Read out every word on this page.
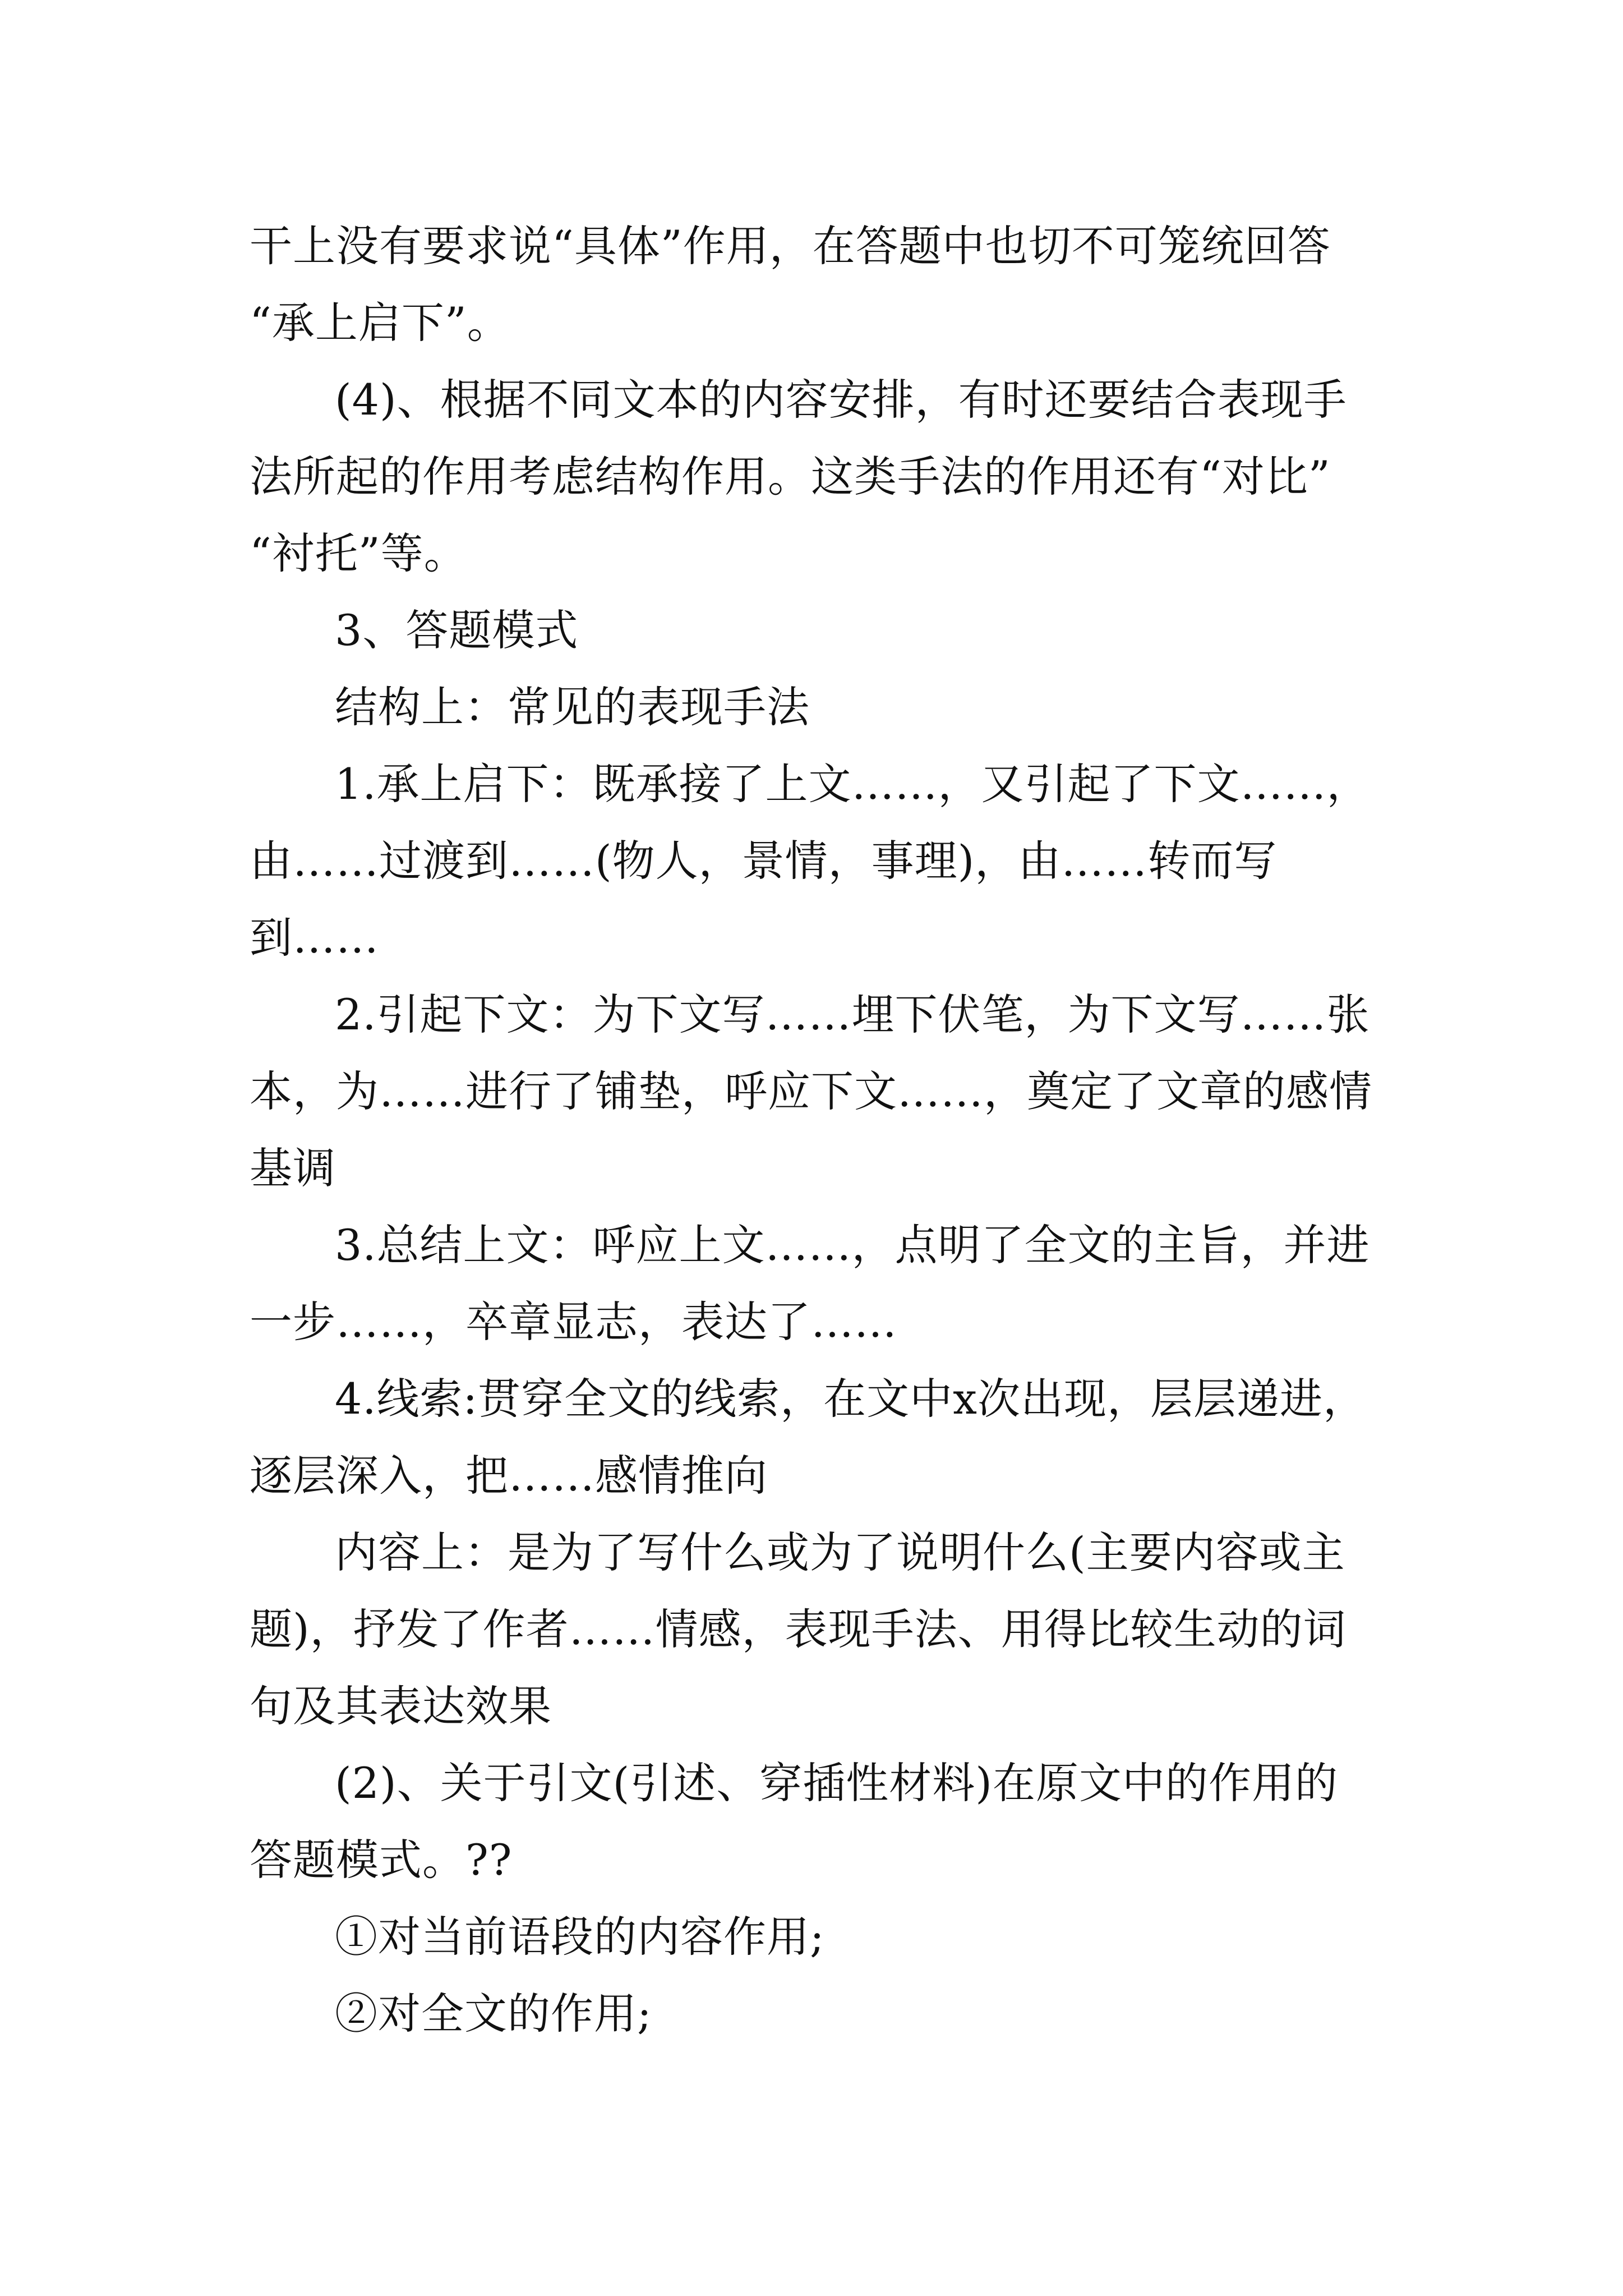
干上没有要求说“具体”作用，在答题中也切不可笼统回答
“承上启下”。

(4)、根据不同文本的内容安排，有时还要结合表现手
法所起的作用考虑结构作用。这类手法的作用还有“对比”
“衬托”等。

3、答题模式

结构上：常见的表现手法

1.承上启下：既承接了上文……，又引起了下文……，
由……过渡到……(物人，景情，事理)，由……转而写
到……

2.引起下文：为下文写……埋下伏笔，为下文写……张
本，为……进行了铺垫，呼应下文……，奠定了文章的感情
基调

3.总结上文：呼应上文……，点明了全文的主旨，并进
一步……，卒章显志，表达了……

4.线索:贯穿全文的线索，在文中x次出现，层层递进，
逐层深入，把……感情推向

内容上：是为了写什么或为了说明什么(主要内容或主
题)，抒发了作者……情感，表现手法、用得比较生动的词
句及其表达效果

(2)、关于引文(引述、穿插性材料)在原文中的作用的
答题模式。??

①对当前语段的内容作用;

②对全文的作用;
